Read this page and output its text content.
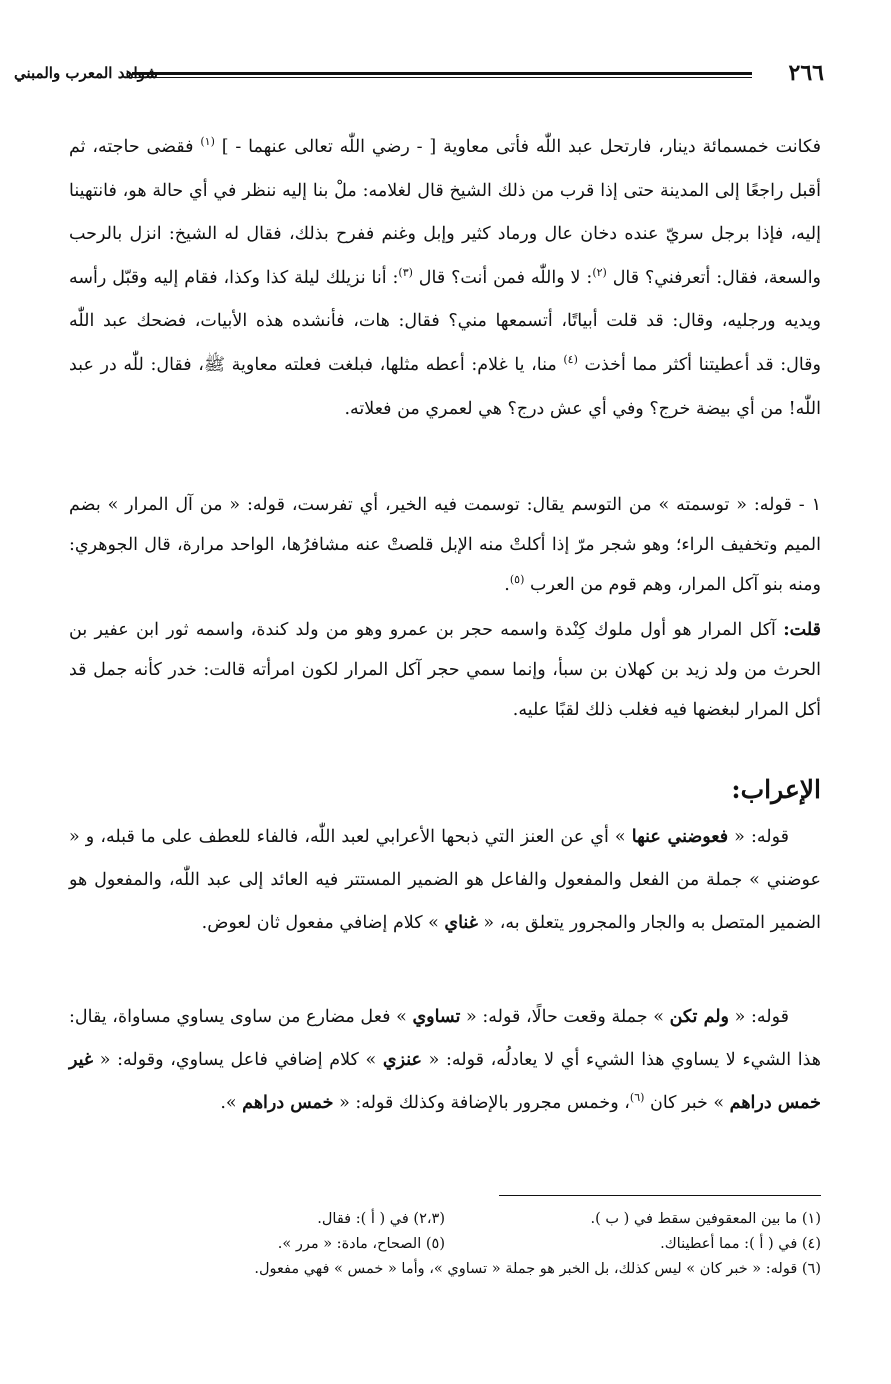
٢٦٦
شواهد المعرب والمبني

فكانت خمسمائة دينار، فارتحل عبد اللّٰه فأتى معاوية [ - رضي اللّٰه تعالى عنهما - ] $^{(١)}$ فقضى حاجته، ثم أقبل راجعًا إلى المدينة حتى إذا قرب من ذلك الشيخ قال لغلامه: ملْ بنا إليه ننظر في أي حالة هو، فانتهينا إليه، فإذا برجل سريّ عنده دخان عال ورماد كثير وإبل وغنم ففرح بذلك، فقال له الشيخ: انزل بالرحب والسعة، فقال: أتعرفني؟ قال $^{(٢)}$: لا واللّٰه فمن أنت؟ قال $^{(٣)}$: أنا نزيلك ليلة كذا وكذا، فقام إليه وقبّل رأسه ويديه ورجليه، وقال: قد قلت أبياتًا، أتسمعها مني؟ فقال: هات، فأنشده هذه الأبيات، فضحك عبد اللّٰه وقال: قد أعطيتنا أكثر مما أخذت $^{(٤)}$ منا، يا غلام: أعطه مثلها، فبلغت فعلته معاوية ﷺ، فقال: للّٰه در عبد اللّٰه! من أي بيضة خرج؟ وفي أي عش درج؟ هي لعمري من فعلاته.

١ - قوله: « توسمته » من التوسم يقال: توسمت فيه الخير، أي تفرست، قوله: « من آل المرار » بضم الميم وتخفيف الراء؛ وهو شجر مرّ إذا أكلتْ منه الإبل قلصتْ عنه مشافرُها، الواحد مرارة، قال الجوهري: ومنه بنو آكل المرار، وهم قوم من العرب $^{(٥)}$.

قلت: آكل المرار هو أول ملوك كِنْدة واسمه حجر بن عمرو وهو من ولد كندة، واسمه ثور ابن عفير بن الحرث من ولد زيد بن كهلان بن سبأ، وإنما سمي حجر آكل المرار لكون امرأته قالت: خدر كأنه جمل قد أكل المرار لبغضها فيه فغلب ذلك لقبًا عليه.

الإعراب:

قوله: « فعوضني عنها » أي عن العنز التي ذبحها الأعرابي لعبد اللّٰه، فالفاء للعطف على ما قبله، و « عوضني » جملة من الفعل والمفعول والفاعل هو الضمير المستتر فيه العائد إلى عبد اللّٰه، والمفعول هو الضمير المتصل به والجار والمجرور يتعلق به، « غناي » كلام إضافي مفعول ثان لعوض.

قوله: « ولم تكن » جملة وقعت حالًا، قوله: « تساوي » فعل مضارع من ساوى يساوي مساواة، يقال: هذا الشيء لا يساوي هذا الشيء أي لا يعادلُه، قوله: « عنزي » كلام إضافي فاعل يساوي، وقوله: « غير خمس دراهم » خبر كان $^{(٦)}$، وخمس مجرور بالإضافة وكذلك قوله: « خمس دراهم ».

(١) ما بين المعقوفين سقط في ( ب ).
(٢،٣) في ( أ ): فقال.
(٤) في ( أ ): مما أعطيناك.
(٥) الصحاح، مادة: « مرر ».
(٦) قوله: « خبر كان » ليس كذلك، بل الخبر هو جملة « تساوي »، وأما « خمس » فهي مفعول.
